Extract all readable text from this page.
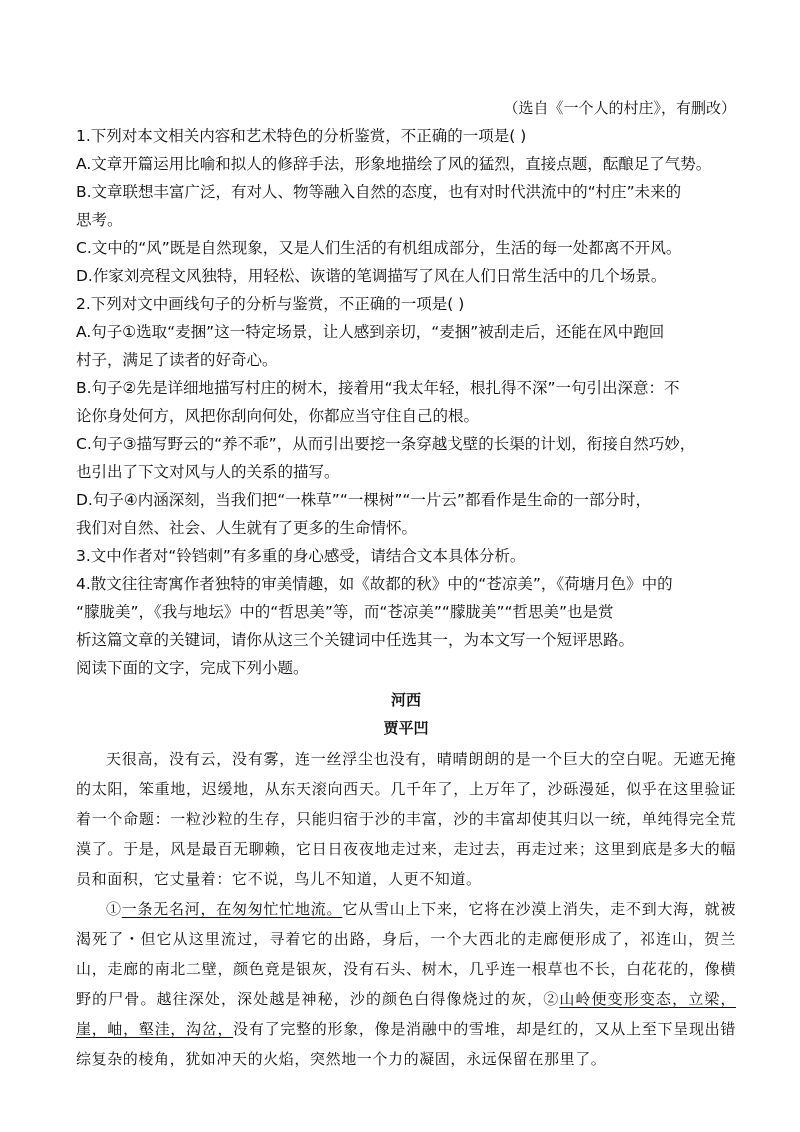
（选自《一个人的村庄》，有删改）

1.下列对本文相关内容和艺术特色的分析鉴赏，不正确的一项是( )

A.文章开篇运用比喻和拟人的修辞手法，形象地描绘了风的猛烈，直接点题，酝酿足了气势。

B.文章联想丰富广泛，有对人、物等融入自然的态度，也有对时代洪流中的“村庄”未来的

思考。

C.文中的“风”既是自然现象，又是人们生活的有机组成部分，生活的每一处都离不开风。

D.作家刘亮程文风独特，用轻松、诙谐的笔调描写了风在人们日常生活中的几个场景。

2.下列对文中画线句子的分析与鉴赏，不正确的一项是( )

A.句子①选取“麦捆”这一特定场景，让人感到亲切，“麦捆”被刮走后，还能在风中跑回

村子，满足了读者的好奇心。

B.句子②先是详细地描写村庄的树木，接着用“我太年轻，根扎得不深”一句引出深意：不

论你身处何方，风把你刮向何处，你都应当守住自己的根。

C.句子③描写野云的“养不乖”，从而引出要挖一条穿越戈壁的长渠的计划，衔接自然巧妙，

也引出了下文对风与人的关系的描写。

D.句子④内涵深刻，当我们把“一株草”“一棵树”“一片云”都看作是生命的一部分时，

我们对自然、社会、人生就有了更多的生命情怀。

3.文中作者对“铃铛刺”有多重的身心感受，请结合文本具体分析。

4.散文往往寄寓作者独特的审美情趣，如《故都的秋》中的“苍凉美”，《荷塘月色》中的

“朦胧美”，《我与地坛》中的“哲思美”等，而“苍凉美”“朦胧美”“哲思美”也是赏

析这篇文章的关键词，请你从这三个关键词中任选其一，为本文写一个短评思路。

阅读下面的文字，完成下列小题。

河西
贾平凹

天很高，没有云，没有雾，连一丝浮尘也没有，晴晴朗朗的是一个巨大的空白呢。无遮无掩的太阳，笨重地，迟缓地，从东天滚向西天。几千年了，上万年了，沙砾漫延，似乎在这里验证着一个命题：一粒沙粒的生存，只能归宿于沙的丰富，沙的丰富却使其归以一统，单纯得完全荒漠了。于是，风是最百无聊赖，它日日夜夜地走过来，走过去，再走过来；这里到底是多大的幅员和面积，它丈量着：它不说，鸟儿不知道，人更不知道。

①一条无名河，在匆匆忙忙地流。它从雪山上下来，它将在沙漠上消失，走不到大海，就被渴死了・但它从这里流过，寻着它的出路，身后，一个大西北的走廊便形成了，祁连山，贺兰山，走廊的南北二壁，颜色竟是银灰，没有石头、树木，几乎连一根草也不长，白花花的，像横野的尸骨。越往深处，深处越是神秘，沙的颜色白得像烧过的灰，②山岭便变形变态，立梁，崖，岫，壑洼，沟岔，没有了完整的形象，像是消融中的雪堆，却是红的，又从上至下呈现出错综复杂的棱角，犹如冲天的火焰，突然地一个力的凝固，永远保留在那里了。
